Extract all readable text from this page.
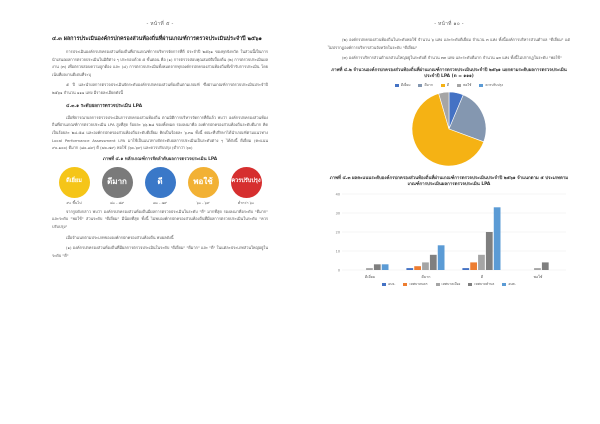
- หน้าที่ ๕ -
๔.๓ ผลการประเมินองค์กรปกครองส่วนท้องถิ่นที่ผ่านเกณฑ์การตรวจประเมินประจำปี ๒๕๖๑

การประเมินองค์กรปกครองส่วนท้องถิ่นที่ผ่านเกณฑ์การบริหารจัดการที่ดี ประจำปี ๒๕๖๑ ของทุกจังหวัด ในส่วนนี้เป็นการนำเสนอผลการตรวจประเมินในมิติต่าง ๆ ประกอบด้วย ๕ ขั้นตอน คือ (๑) การตรวจสอบคุณสมบัติเบื้องต้น (๒) การตรวจประเมินผลงาน (๓) เพื่อตรวจสอบความถูกต้อง และ (๔) การตรวจประเมินทั้งหมดจากทุกองค์กรปกครองส่วนท้องถิ่นที่เข้ารับการประเมิน โดยเน้นที่ผลงานดีเด่นที่ระบุ

๕ ปี และนำผลการตรวจประเมินจัดระดับองค์กรปกครองส่วนท้องถิ่นตามเกณฑ์ ซึ่งผ่านเกณฑ์การตรวจประเมินประจำปี ๒๕๖๑ จำนวน ๑๑๑ แห่ง มีรายละเอียดดังนี้

๔.๓.๑ ระดับผลการตรวจประเมิน LPA

เมื่อพิจารณาผลการตรวจประเมินการปกครองส่วนท้องถิ่น ตามมิติการบริหารจัดการที่ดีแล้ว พบว่า องค์กรปกครองส่วนท้องถิ่นที่ผ่านเกณฑ์การตรวจประเมิน LPA สูงที่สุด ร้อยละ ๖๖.๒๘ ของทั้งหมด รองลงมาคือ องค์กรปกครองส่วนท้องถิ่นระดับดีมาก คิดเป็นร้อยละ ๒๔.๕๘ และองค์กรปกครองส่วนท้องถิ่นระดับดีเยี่ยม คิดเป็นร้อยละ ๖.๓๑ ทั้งนี้ คณะที่ปรึกษาได้นำเกณฑ์ตามแนวทาง Local Performance Assessment LPA มาใช้เป็นแนวทางจัดระดับผลการประเมินเป็นระดับต่าง ๆ ได้ดังนี้ ดีเยี่ยม (คะแนน ๙๐-๑๐๐) ดีมาก (๘๐-๘๙) ดี (๗๐-๗๙) พอใช้ (๖๐-๖๙) และควรปรับปรุง (ต่ำกว่า ๖๐)

ภาพที่ ๔.๑ หลักเกณฑ์การจัดลำดับผลการตรวจประเมิน LPA
ดีเยี่ยม
๙๐ ขึ้นไป
ดีมาก
๘๐ - ๘๙
ดี
๗๐ - ๗๙
พอใช้
๖๐ - ๖๙
ควรปรับปรุง
ต่ำกว่า ๖๐

จากรูปดังกล่าว พบว่า องค์กรปกครองส่วนท้องถิ่นมีผลการตรวจประเมินในระดับ "ดี" มากที่สุด รองลงมาคือระดับ "ดีมาก" และระดับ "พอใช้" ส่วนระดับ "ดีเยี่ยม" มีน้อยที่สุด ทั้งนี้ ไม่พบองค์กรปกครองส่วนท้องถิ่นที่มีผลการตรวจประเมินในระดับ "ควรปรับปรุง"

เมื่อจำแนกตามประเภทขององค์กรปกครองส่วนท้องถิ่น พบผลดังนี้

(๑) องค์กรปกครองส่วนท้องถิ่นที่มีผลการตรวจประเมินในระดับ "ดีเยี่ยม" "ดีมาก" และ "ดี" ในแต่ละประเภทส่วนใหญ่อยู่ในระดับ "ดี"

- หน้าที่ ๑๐ -

(๒) องค์กรปกครองส่วนท้องถิ่นในระดับพอใช้ จำนวน ๖ แห่ง และระดับดีเยี่ยม จำนวน ๓ แห่ง ทั้งนี้องค์การบริหารส่วนตำบล "ดีเยี่ยม" แต่ไม่ปรากฏองค์การบริหารส่วนจังหวัดในระดับ "ดีเยี่ยม"

(๓) องค์การบริหารส่วนตำบลส่วนใหญ่อยู่ในระดับดี จำนวน ๓๓ แห่ง และระดับดีมาก จำนวน ๑๓ แห่ง ทั้งนี้ไม่ปรากฏในระดับ "พอใช้"

ภาพที่ ๔.๒ จำนวนองค์กรปกครองส่วนท้องถิ่นที่ผ่านเกณฑ์การตรวจประเมินประจำปี ๒๕๖๑ แยกตามระดับผลการตรวจประเมินประจำปี LPA (n = ๑๑๑)
ดีเยี่ยม	ดีมาก	ดี	พอใช้	ควรปรับปรุง
ภาพที่ ๔.๓ ผลคะแนนระดับองค์กรปกครองส่วนท้องถิ่นที่ผ่านเกณฑ์การตรวจประเมินประจำปี ๒๕๖๑ จำแนกตาม ๕ ประเภทตามเกณฑ์การประเมินผลการตรวจประเมิน LPA
0
10
20
30
40
ดีเยี่ยม	ดีมาก	ดี	พอใช้
อบจ.	เทศบาลนคร	เทศบาลเมือง	เทศบาลตำบล	อบต.
